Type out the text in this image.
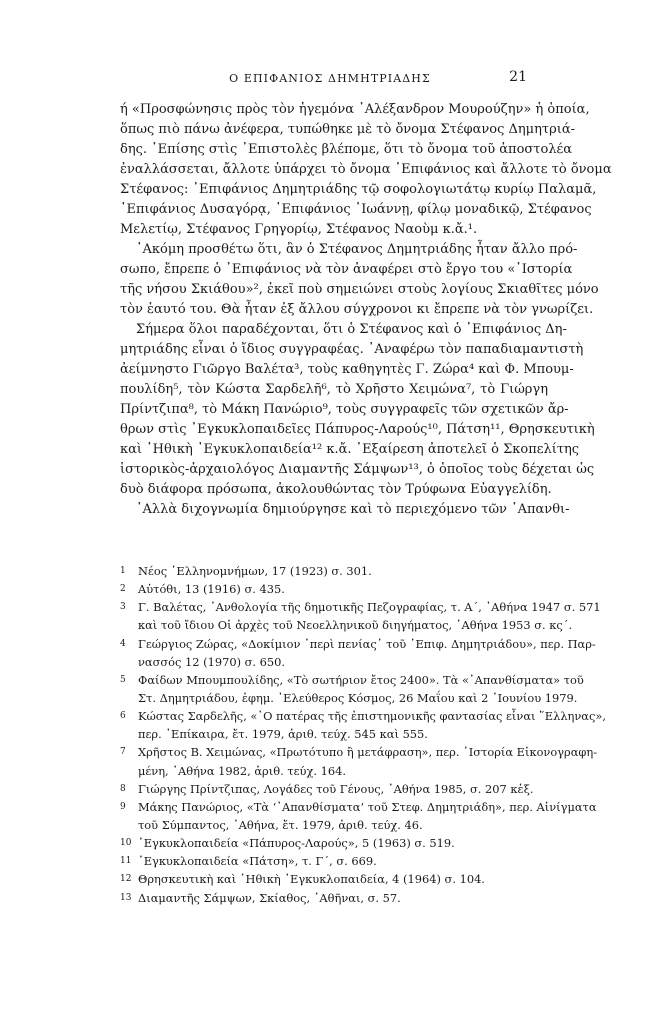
Ο ΕΠΙΦΑΝΙΟΣ ΔΗΜΗΤΡΙΑΔΗΣ	21
ή «Προσφώνησις πρὸς τὸν ἡγεμόνα ᾿Αλέξανδρον Μουρούζην» ἡ ὁποία,
ὅπως πιὸ πάνω ἀνέφερα, τυπώθηκε μὲ τὸ ὄνομα Στέφανος Δημητριά-
δης. ᾿Επίσης στὶς ᾿Επιστολὲς βλέπομε, ὅτι τὸ ὄνομα τοῦ ἀποστολέα
ἐναλλάσσεται, ἄλλοτε ὑπάρχει τὸ ὄνομα ᾿Επιφάνιος καὶ ἄλλοτε τὸ ὄνομα
Στέφανος: ᾿Επιφάνιος Δημητριάδης τῷ σοφολογιωτάτῳ κυρίῳ Παλαμᾶ,
᾿Επιφάνιος Δυσαγόρᾳ, ᾿Επιφάνιος ᾿Ιωάννῃ, φίλῳ μοναδικῷ, Στέφανος
Μελετίῳ, Στέφανος Γρηγορίῳ, Στέφανος Ναοὺμ κ.ἄ.¹.
᾿Ακόμη προσθέτω ὅτι, ἂν ὁ Στέφανος Δημητριάδης ἦταν ἄλλο πρό-
σωπο, ἔπρεπε ὁ ᾿Επιφάνιος νὰ τὸν ἀναφέρει στὸ ἔργο του «῾Ιστορία
τῆς νήσου Σκιάθου»², ἐκεῖ ποὺ σημειώνει στοὺς λογίους Σκιαθῖτες μόνο
τὸν ἑαυτό του. Θὰ ἦταν ἐξ ἄλλου σύγχρονοι κι ἔπρεπε νὰ τὸν γνωρίζει.
Σήμερα ὅλοι παραδέχονται, ὅτι ὁ Στέφανος καὶ ὁ ᾿Επιφάνιος Δη-
μητριάδης εἶναι ὁ ἴδιος συγγραφέας. ᾿Αναφέρω τὸν παπαδιαμαντιστὴ
ἀείμνηστο Γιῶργο Βαλέτα³, τοὺς καθηγητὲς Γ. Ζώρα⁴ καὶ Φ. Μπουμ-
πουλίδη⁵, τὸν Κώστα Σαρδελῆ⁶, τὸ Χρῆστο Χειμώνα⁷, τὸ Γιώργη
Πρίντζιπα⁸, τὸ Μάκη Πανώριο⁹, τοὺς συγγραφεῖς τῶν σχετικῶν ἄρ-
θρων στὶς ᾿Εγκυκλοπαιδεῖες Πάπυρος-Λαρούς¹⁰, Πάτση¹¹, Θρησκευτικὴ
καὶ ᾿Ηθικὴ ᾿Εγκυκλοπαιδεία¹² κ.ἄ. ᾿Εξαίρεση ἀποτελεῖ ὁ Σκοπελίτης
ἱστορικὸς-ἀρχαιολόγος Διαμαντῆς Σάμψων¹³, ὁ ὁποῖος τοὺς δέχεται ὡς
δυὸ διάφορα πρόσωπα, ἀκολουθώντας τὸν Τρύφωνα Εὐαγγελίδη.
᾿Αλλὰ διχογνωμία δημιούργησε καὶ τὸ περιεχόμενο τῶν ᾿Απανθι-
1	Νέος ῾Ελληνομνήμων, 17 (1923) σ. 301.
2	Αὐτόθι, 13 (1916) σ. 435.
3	Γ. Βαλέτας, ᾿Ανθολογία τῆς δημοτικῆς Πεζογραφίας, τ. Α΄, ᾿Αθήνα 1947 σ. 571
καὶ τοῦ ἴδιου Οἱ ἀρχὲς τοῦ Νεοελληνικοῦ διηγήματος, ᾿Αθήνα 1953 σ. κς΄.
4	Γεώργιος Ζώρας, «Δοκίμιον ᾿περὶ πενίας᾿ τοῦ ᾿Επιφ. Δημητριάδου», περ. Παρ-
νασσός 12 (1970) σ. 650.
5	Φαίδων Μπουμπουλίδης, «Τὸ σωτήριον ἔτος 2400». Τὰ «᾿Απανθίσματα» τοῦ
Στ. Δημητριάδου, ἐφημ. ᾿Ελεύθερος Κόσμος, 26 Μαΐου καὶ 2 ᾿Ιουνίου 1979.
6	Κώστας Σαρδελῆς, «῾Ο πατέρας τῆς ἐπιστημονικῆς φαντασίας εἶναι ῞Ελληνας»,
περ. ᾿Επίκαιρα, ἔτ. 1979, ἀριθ. τεύχ. 545 καὶ 555.
7	Χρῆστος Β. Χειμώνας, «Πρωτότυπο ἢ μετάφραση», περ. ῾Ιστορία Εἰκονογραφη-
μένη, ᾿Αθήνα 1982, ἀριθ. τεύχ. 164.
8	Γιώργης Πρίντζιπας, Λογάδες τοῦ Γένους, ᾿Αθήνα 1985, σ. 207 κἑξ.
9	Μάκης Πανώριος, «Τὰ ‘᾿Απανθίσματα’ τοῦ Στεφ. Δημητριάδη», περ. Αἰνίγματα
τοῦ Σύμπαντος, ᾿Αθήνα, ἔτ. 1979, ἀριθ. τεύχ. 46.
10 ᾿Εγκυκλοπαιδεία «Πάπυρος-Λαρούς», 5 (1963) σ. 519.
11 ᾿Εγκυκλοπαιδεία «Πάτση», τ. Γ΄, σ. 669.
12 Θρησκευτικὴ καὶ ᾿Ηθικὴ ᾿Εγκυκλοπαιδεία, 4 (1964) σ. 104.
13 Διαμαντῆς Σάμψων, Σκίαθος, ᾿Αθῆναι, σ. 57.
